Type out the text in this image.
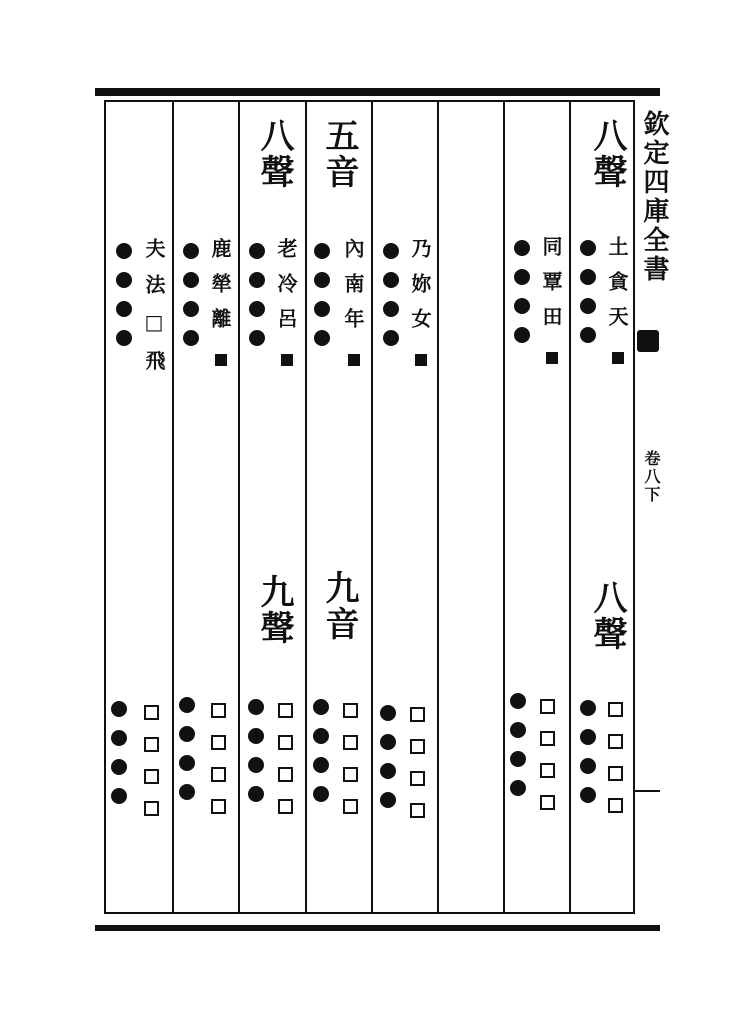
欽定四庫全書
卷八下
八聲
土貪天
八聲
同覃田
乃妳女
五音
內南年
九音
八聲
老冷呂
九聲
鹿犖離
夫法□飛
